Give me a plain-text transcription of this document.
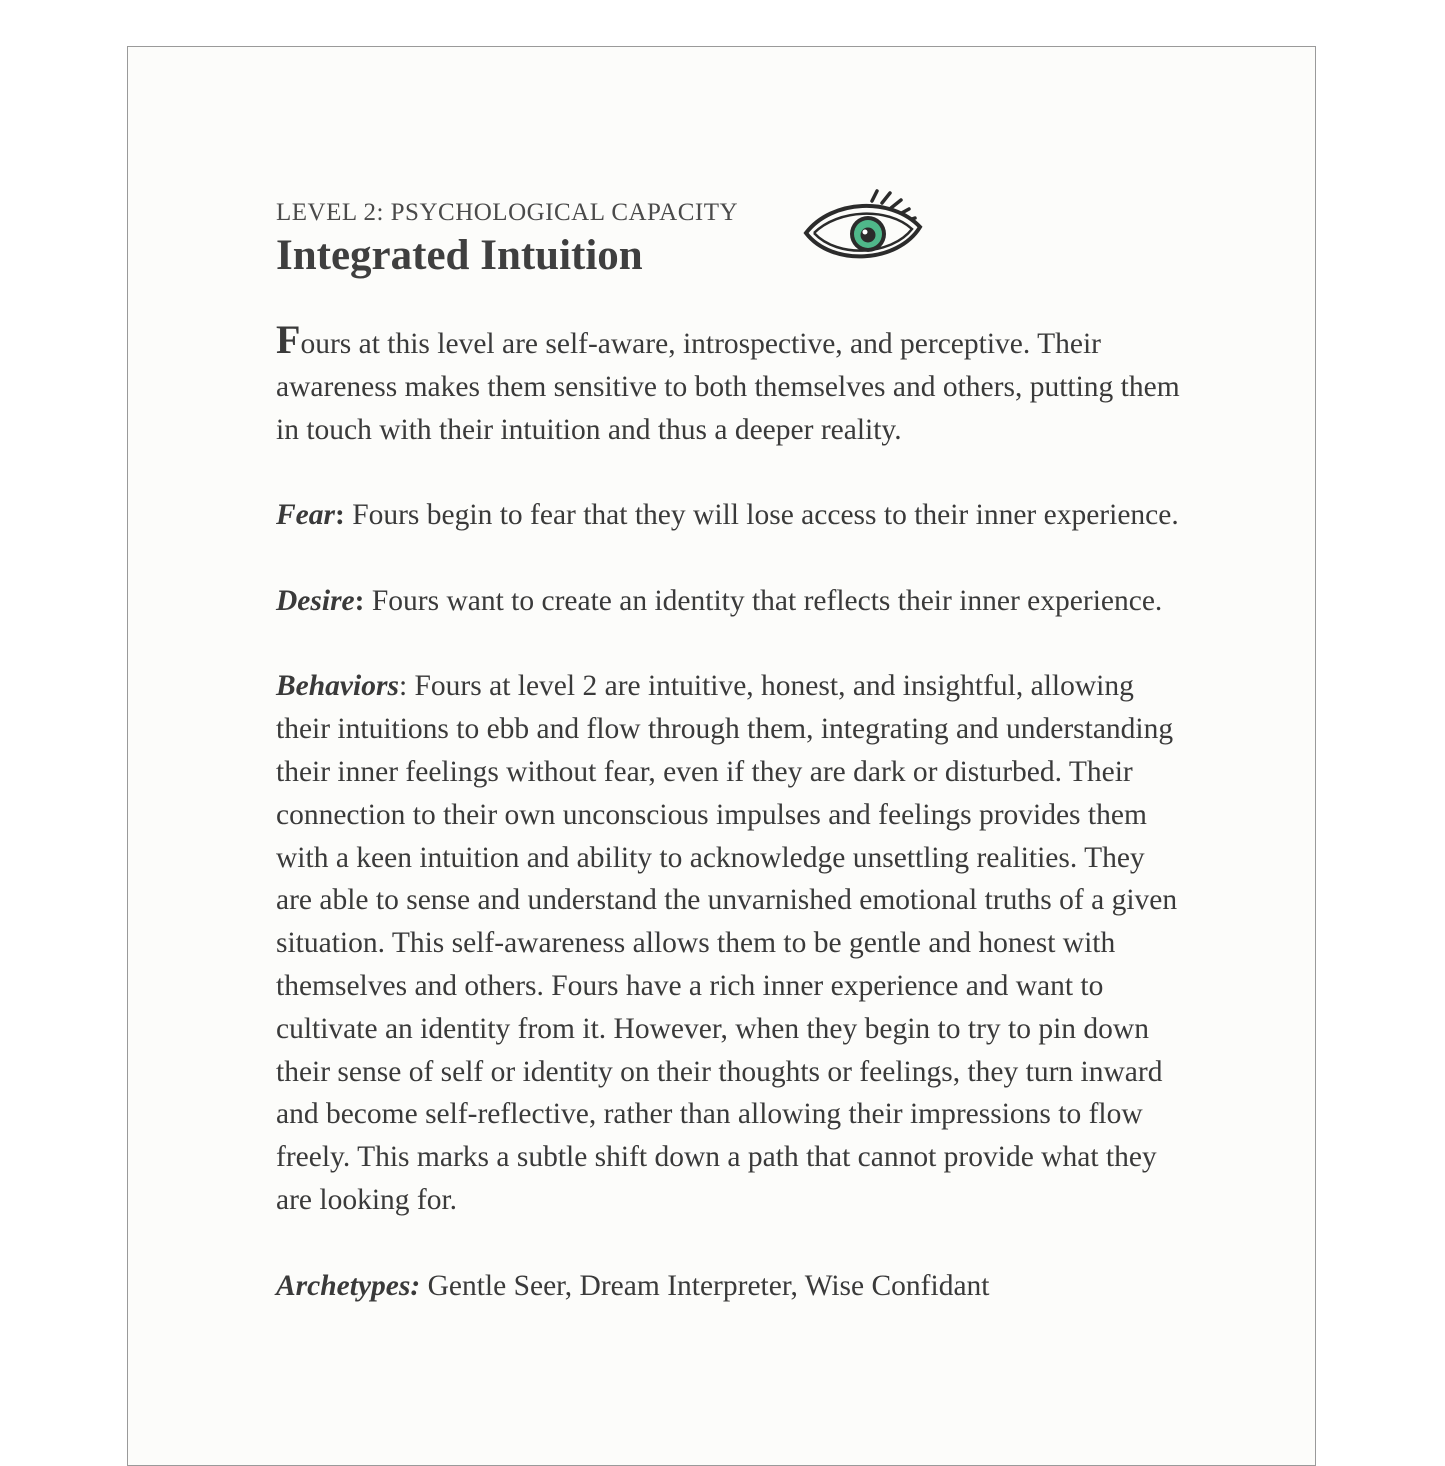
LEVEL 2: PSYCHOLOGICAL CAPACITY

Integrated Intuition

Fours at this level are self-aware, introspective, and perceptive. Their awareness makes them sensitive to both themselves and others, putting them in touch with their intuition and thus a deeper reality.

Fear: Fours begin to fear that they will lose access to their inner experience.

Desire: Fours want to create an identity that reflects their inner experience.

Behaviors: Fours at level 2 are intuitive, honest, and insightful, allowing their intuitions to ebb and flow through them, integrating and understanding their inner feelings without fear, even if they are dark or disturbed. Their connection to their own unconscious impulses and feelings provides them with a keen intuition and ability to acknowledge unsettling realities. They are able to sense and understand the unvarnished emotional truths of a given situation. This self-awareness allows them to be gentle and honest with themselves and others. Fours have a rich inner experience and want to cultivate an identity from it. However, when they begin to try to pin down their sense of self or identity on their thoughts or feelings, they turn inward and become self-reflective, rather than allowing their impressions to flow freely. This marks a subtle shift down a path that cannot provide what they are looking for.

Archetypes: Gentle Seer, Dream Interpreter, Wise Confidant
